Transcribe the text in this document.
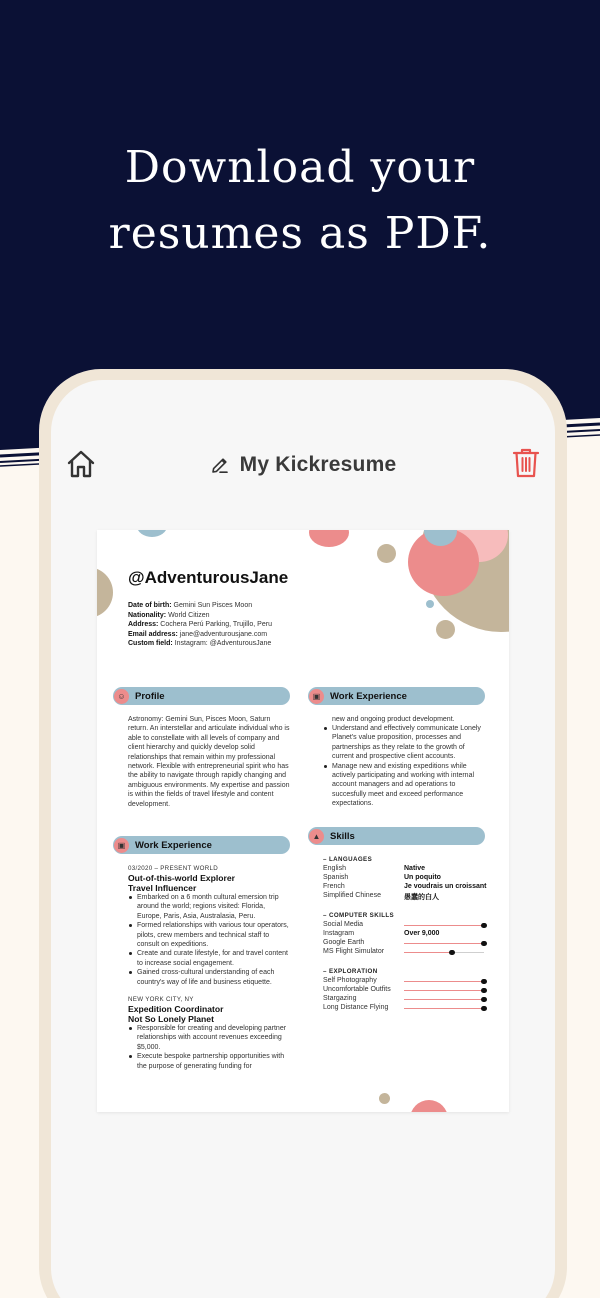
Download your
resumes as PDF.
My Kickresume
@AdventurousJane
Date of birth: Gemini Sun Pisces Moon
Nationality: World Citizen
Address: Cochera Perú Parking, Trujillo, Peru
Email address: jane@adventurousjane.com
Custom field: Instagram: @AdventurousJane
☺ Profile
Astronomy: Gemini Sun, Pisces Moon, Saturn return. An interstellar and articulate individual who is able to constellate with all levels of company and client hierarchy and quickly develop solid relationships that remain within my professional network. Flexible with entrepreneurial spirit who has the ability to navigate through rapidly changing and ambiguous environments. My expertise and passion is within the fields of travel lifestyle and content development.
▣	Work Experience
03/2020 – PRESENT WORLD
Out-of-this-world Explorer
Travel Influencer
Embarked on a 6 month cultural emersion trip around the world; regions visited: Florida, Europe, Paris, Asia, Australasia, Peru.
Formed relationships with various tour operators, pilots, crew members and technical staff to consult on expeditions.
Create and curate lifestyle, for and travel content to increase social engagement.
Gained cross-cultural understanding of each country's way of life and business etiquette.
NEW YORK CITY, NY
Expedition Coordinator
Not So Lonely Planet
Responsible for creating and developing partner relationships with account revenues exceeding $5,000.
Execute bespoke partnership opportunities with the purpose of generating funding for
▣	Work Experience
new and ongoing product development.
Understand and effectively communicate Lonely Planet's value proposition, processes and partnerships as they relate to the growth of current and prospective client accounts.
Manage new and existing expeditions while actively participating and working with internal account managers and ad operations to succesfully meet and exceed performance expectations.
▲	Skills
– LANGUAGES
English	Native
Spanish	Un poquito
French	Je voudrais un croissant
Simplified Chinese	愚蠢的白人
– COMPUTER SKILLS
Social Media
Instagram	Over 9,000
Google Earth
MS Flight Simulator
– EXPLORATION
Self Photography
Uncomfortable Outfits
Stargazing
Long Distance Flying
